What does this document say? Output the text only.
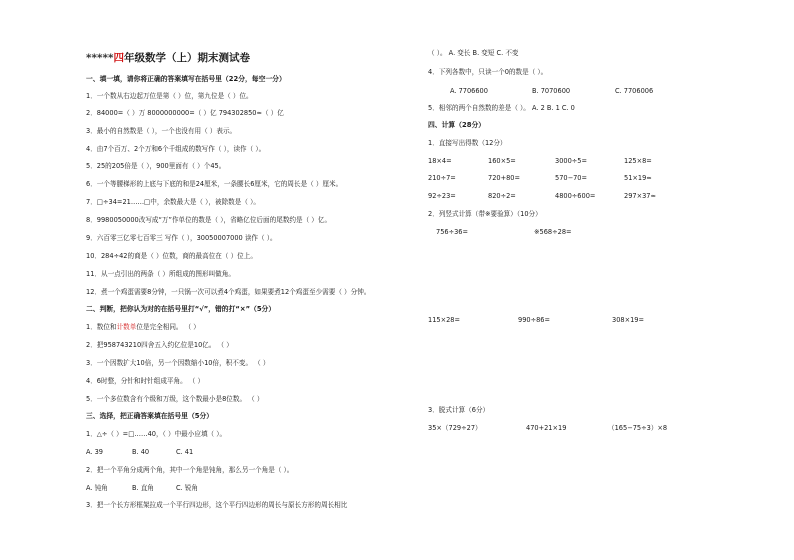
*****四年级数学（上）期末测试卷
一、填一填，请你将正确的答案填写在括号里（22分，每空一分）
1．一个数从右边起万位是第（ ）位，第九位是（ ）位。
2．84000=（ ）万 8000000000=（ ）亿 794302850≈（ ）亿
3．最小的自然数是（ ），一个也没有用（ ）表示。
4．由7个百万、2个万和6个千组成的数写作（ ），读作（ ）。
5．25的205倍是（ ），900里面有（ ）个45。
6．一个等腰梯形的上底与下底的和是24厘米，一条腰长6厘米，它的周长是（ ）厘米。
7．□÷34=21……□中，余数最大是（ ），被除数是（ ）。
8．9980050000改写成“万”作单位的数是（ ），省略亿位后面的尾数约是（ ）亿。
9．六百零三亿零七百零三 写作（ ），30050007000 读作（ ）。
10．284÷42的商是（ ）位数，商的最高位在（ ）位上。
11．从一点引出的两条（ ）所组成的图形叫做角。
12．煮一个鸡蛋需要8分钟，一只锅一次可以煮4个鸡蛋，如果要煮12个鸡蛋至少需要（ ）分钟。
二、判断，把你认为对的在括号里打“√”，错的打“×”（5分）
1．数位和计数单位是完全相同。 （ ）
2．把958743210四舍五入约亿位是10亿。 （ ）
3．一个因数扩大10倍，另一个因数缩小10倍，积不变。 （ ）
4．6时整，分针和时针组成平角。 （ ）
5．一个多位数含有个级和万级，这个数最小是8位数。 （ ）
三、选择，把正确答案填在括号里（5分）
1．△÷（ ）=□……40，（ ）中最小应填（ ）。
A. 39	B. 40	C. 41
2．把一个平角分成两个角，其中一个角是钝角，那么另一个角是（ ）。
A. 钝角	B. 直角	C. 锐角
3．把一个长方形框架拉成一个平行四边形，这个平行四边形的周长与原长方形的周长相比
（ ）。 A. 变长 B. 变短 C. 不变
4．下列各数中，只读一个0的数是（ ）。
A. 7706600	B. 7070600	C. 7706006
5．相邻的两个自然数的差是（ ）。 A. 2 B. 1 C. 0
四、计算（28分）
1．直接写出得数（12分）
18×4=	160×5=	3000÷5=	125×8=
210÷7=	720+80=	570−70=	51×19≈
92÷23=	820÷2=	4800÷600=	297×37≈
2．列竖式计算（带※要验算）（10分）
756÷36=	※568÷28=
115×28=	990÷86=	308×19=
3．脱式计算（6分）
35×（729÷27）	470+21×19	（165−75÷3）×8
